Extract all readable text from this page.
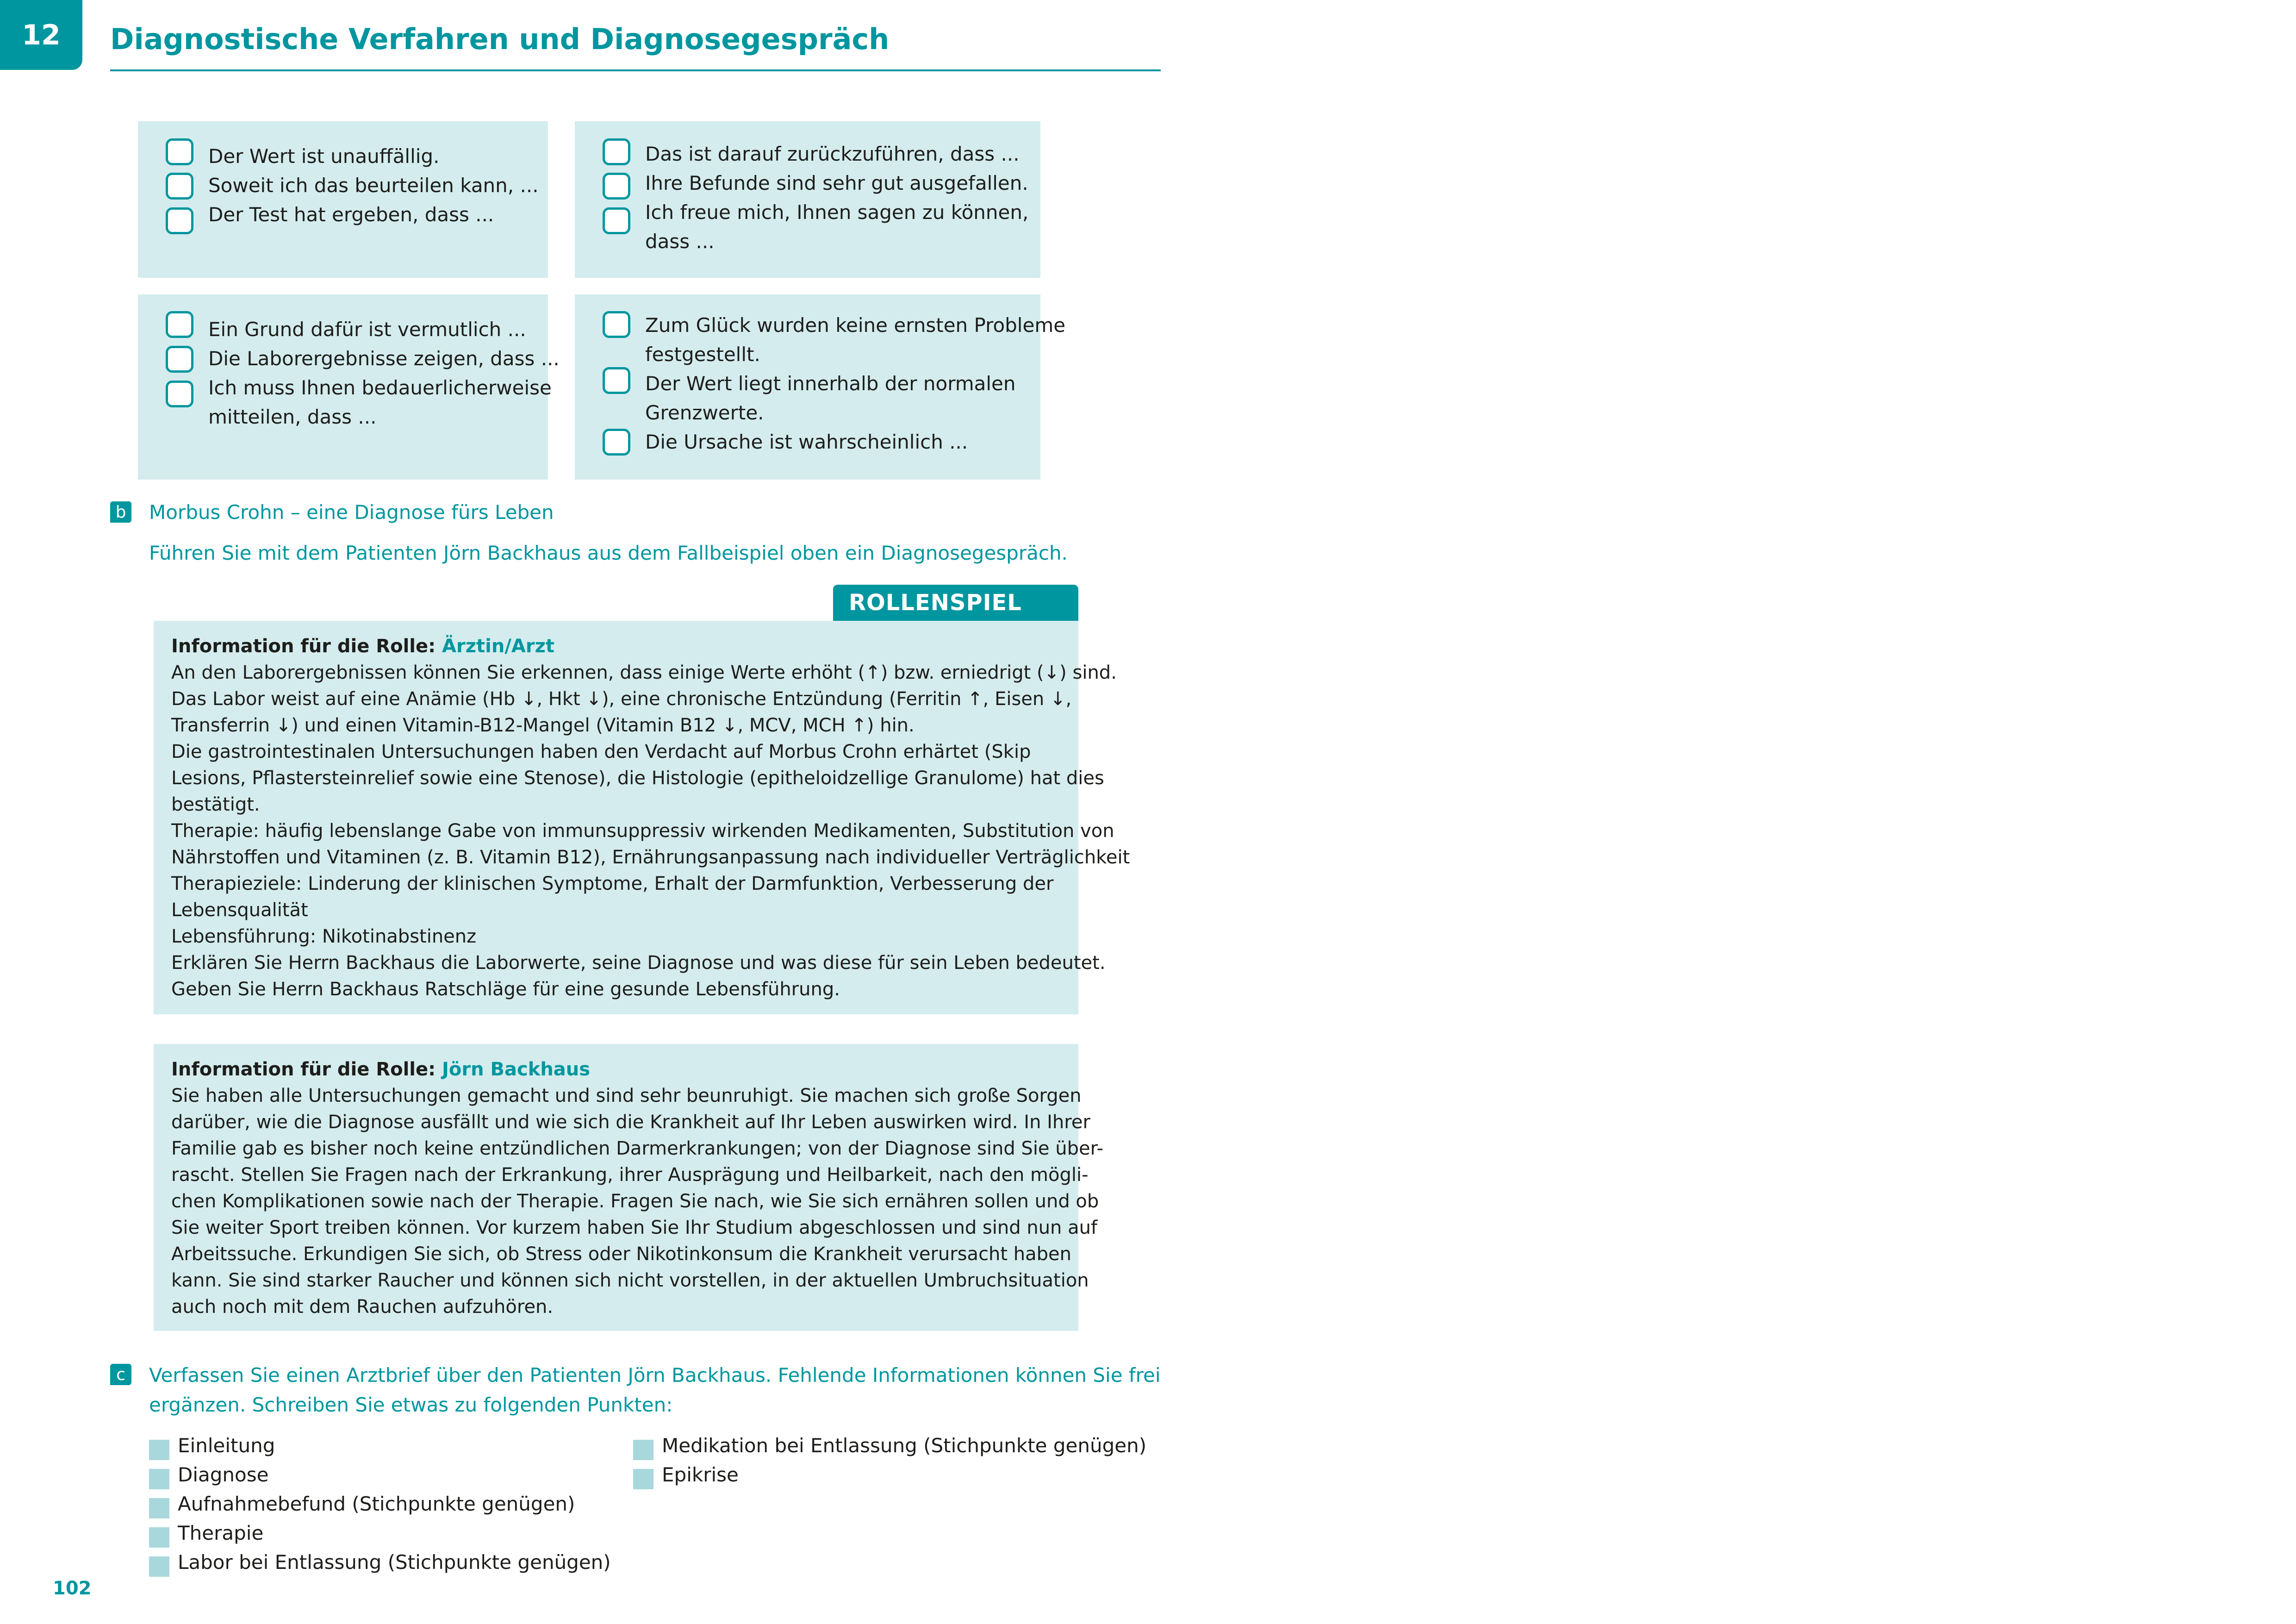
12	Diagnostische Verfahren und Diagnosegespräch
Der Wert ist unauffällig.
Soweit ich das beurteilen kann, ...
Der Test hat ergeben, dass ...
Das ist darauf zurückzuführen, dass ...
Ihre Befunde sind sehr gut ausgefallen.
Ich freue mich, Ihnen sagen zu können,
dass ...
Ein Grund dafür ist vermutlich ...
Die Laborergebnisse zeigen, dass ...
Ich muss Ihnen bedauerlicherweise
mitteilen, dass ...
Zum Glück wurden keine ernsten Probleme
festgestellt.
Der Wert liegt innerhalb der normalen
Grenzwerte.
Die Ursache ist wahrscheinlich ...
b Morbus Crohn – eine Diagnose fürs Leben
Führen Sie mit dem Patienten Jörn Backhaus aus dem Fallbeispiel oben ein Diagnosegespräch.
ROLLENSPIEL
Information für die Rolle: Ärztin/Arzt
An den Laborergebnissen können Sie erkennen, dass einige Werte erhöht (↑) bzw. erniedrigt (↓) sind.
Das Labor weist auf eine Anämie (Hb ↓, Hkt ↓), eine chronische Entzündung (Ferritin ↑, Eisen ↓,
Transferrin ↓) und einen Vitamin-B12-Mangel (Vitamin B12 ↓, MCV, MCH ↑) hin.
Die gastrointestinalen Untersuchungen haben den Verdacht auf Morbus Crohn erhärtet (Skip
Lesions, Pflastersteinrelief sowie eine Stenose), die Histologie (epitheloidzellige Granulome) hat dies
bestätigt.
Therapie: häufig lebenslange Gabe von immunsuppressiv wirkenden Medikamenten, Substitution von
Nährstoffen und Vitaminen (z. B. Vitamin B12), Ernährungsanpassung nach individueller Verträglichkeit
Therapieziele: Linderung der klinischen Symptome, Erhalt der Darmfunktion, Verbesserung der
Lebensqualität
Lebensführung: Nikotinabstinenz
Erklären Sie Herrn Backhaus die Laborwerte, seine Diagnose und was diese für sein Leben bedeutet.
Geben Sie Herrn Backhaus Ratschläge für eine gesunde Lebensführung.
Information für die Rolle: Jörn Backhaus
Sie haben alle Untersuchungen gemacht und sind sehr beunruhigt. Sie machen sich große Sorgen
darüber, wie die Diagnose ausfällt und wie sich die Krankheit auf Ihr Leben auswirken wird. In Ihrer
Familie gab es bisher noch keine entzündlichen Darmerkrankungen; von der Diagnose sind Sie über-
rascht. Stellen Sie Fragen nach der Erkrankung, ihrer Ausprägung und Heilbarkeit, nach den mögli-
chen Komplikationen sowie nach der Therapie. Fragen Sie nach, wie Sie sich ernähren sollen und ob
Sie weiter Sport treiben können. Vor kurzem haben Sie Ihr Studium abgeschlossen und sind nun auf
Arbeitssuche. Erkundigen Sie sich, ob Stress oder Nikotinkonsum die Krankheit verursacht haben
kann. Sie sind starker Raucher und können sich nicht vorstellen, in der aktuellen Umbruchsituation
auch noch mit dem Rauchen aufzuhören.
c	Verfassen Sie einen Arztbrief über den Patienten Jörn Backhaus. Fehlende Informationen können Sie frei
ergänzen. Schreiben Sie etwas zu folgenden Punkten:
Einleitung
Diagnose
Aufnahmebefund (Stichpunkte genügen)
Therapie
Labor bei Entlassung (Stichpunkte genügen)
Medikation bei Entlassung (Stichpunkte genügen)
Epikrise
102
